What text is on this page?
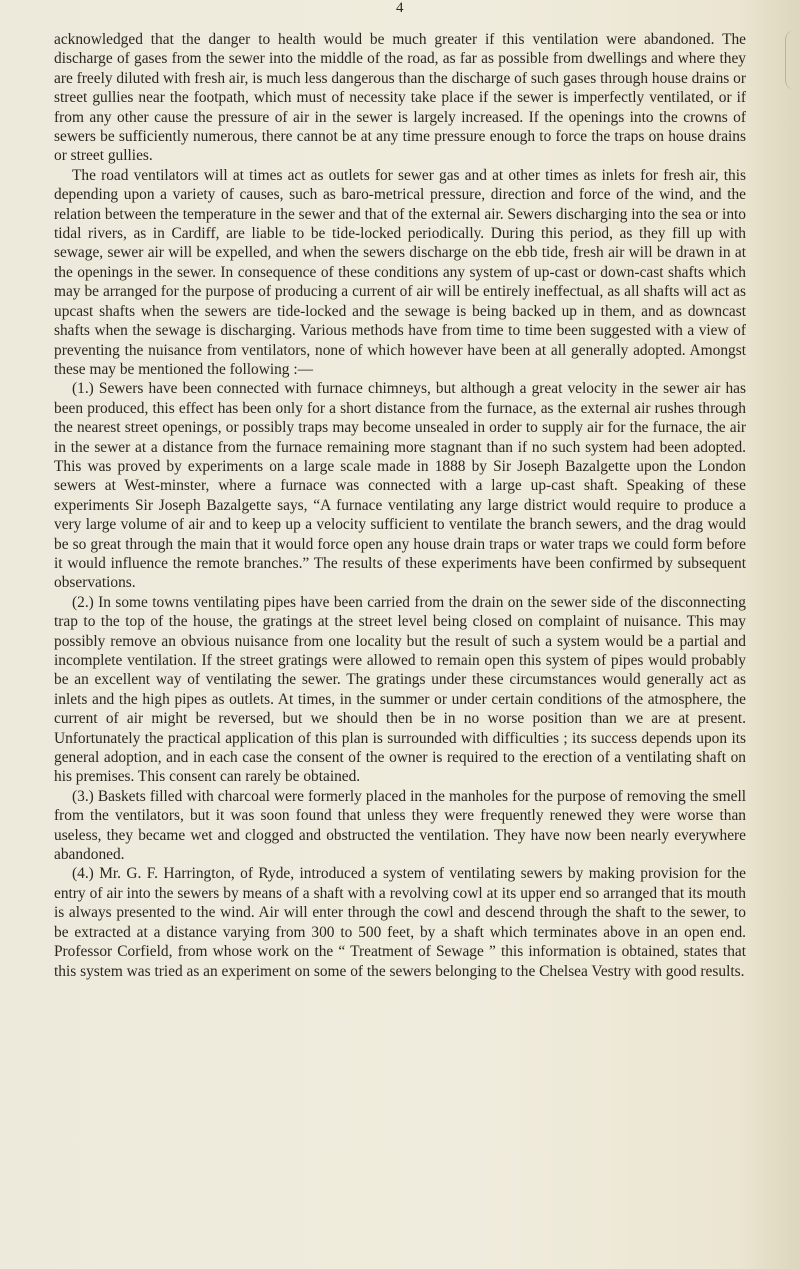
4

acknowledged that the danger to health would be much greater if this ventilation were abandoned. The discharge of gases from the sewer into the middle of the road, as far as possible from dwellings and where they are freely diluted with fresh air, is much less dangerous than the discharge of such gases through house drains or street gullies near the footpath, which must of necessity take place if the sewer is imperfectly ventilated, or if from any other cause the pressure of air in the sewer is largely increased. If the openings into the crowns of sewers be sufficiently numerous, there cannot be at any time pressure enough to force the traps on house drains or street gullies.

The road ventilators will at times act as outlets for sewer gas and at other times as inlets for fresh air, this depending upon a variety of causes, such as baro-metrical pressure, direction and force of the wind, and the relation between the temperature in the sewer and that of the external air. Sewers discharging into the sea or into tidal rivers, as in Cardiff, are liable to be tide-locked periodically. During this period, as they fill up with sewage, sewer air will be expelled, and when the sewers discharge on the ebb tide, fresh air will be drawn in at the openings in the sewer. In consequence of these conditions any system of up-cast or down-cast shafts which may be arranged for the purpose of producing a current of air will be entirely ineffectual, as all shafts will act as upcast shafts when the sewers are tide-locked and the sewage is being backed up in them, and as downcast shafts when the sewage is discharging. Various methods have from time to time been suggested with a view of preventing the nuisance from ventilators, none of which however have been at all generally adopted. Amongst these may be mentioned the following :—

(1.) Sewers have been connected with furnace chimneys, but although a great velocity in the sewer air has been produced, this effect has been only for a short distance from the furnace, as the external air rushes through the nearest street openings, or possibly traps may become unsealed in order to supply air for the furnace, the air in the sewer at a distance from the furnace remaining more stagnant than if no such system had been adopted. This was proved by experiments on a large scale made in 1888 by Sir Joseph Bazalgette upon the London sewers at West-minster, where a furnace was connected with a large up-cast shaft. Speaking of these experiments Sir Joseph Bazalgette says, “A furnace ventilating any large district would require to produce a very large volume of air and to keep up a velocity sufficient to ventilate the branch sewers, and the drag would be so great through the main that it would force open any house drain traps or water traps we could form before it would influence the remote branches.” The results of these experiments have been confirmed by subsequent observations.

(2.) In some towns ventilating pipes have been carried from the drain on the sewer side of the disconnecting trap to the top of the house, the gratings at the street level being closed on complaint of nuisance. This may possibly remove an obvious nuisance from one locality but the result of such a system would be a partial and incomplete ventilation. If the street gratings were allowed to remain open this system of pipes would probably be an excellent way of ventilating the sewer. The gratings under these circumstances would generally act as inlets and the high pipes as outlets. At times, in the summer or under certain conditions of the atmosphere, the current of air might be reversed, but we should then be in no worse position than we are at present. Unfortunately the practical application of this plan is surrounded with difficulties ; its success depends upon its general adoption, and in each case the consent of the owner is required to the erection of a ventilating shaft on his premises. This consent can rarely be obtained.

(3.) Baskets filled with charcoal were formerly placed in the manholes for the purpose of removing the smell from the ventilators, but it was soon found that unless they were frequently renewed they were worse than useless, they became wet and clogged and obstructed the ventilation. They have now been nearly everywhere abandoned.

(4.) Mr. G. F. Harrington, of Ryde, introduced a system of ventilating sewers by making provision for the entry of air into the sewers by means of a shaft with a revolving cowl at its upper end so arranged that its mouth is always presented to the wind. Air will enter through the cowl and descend through the shaft to the sewer, to be extracted at a distance varying from 300 to 500 feet, by a shaft which terminates above in an open end. Professor Corfield, from whose work on the “ Treatment of Sewage ” this information is obtained, states that this system was tried as an experiment on some of the sewers belonging to the Chelsea Vestry with good results.
